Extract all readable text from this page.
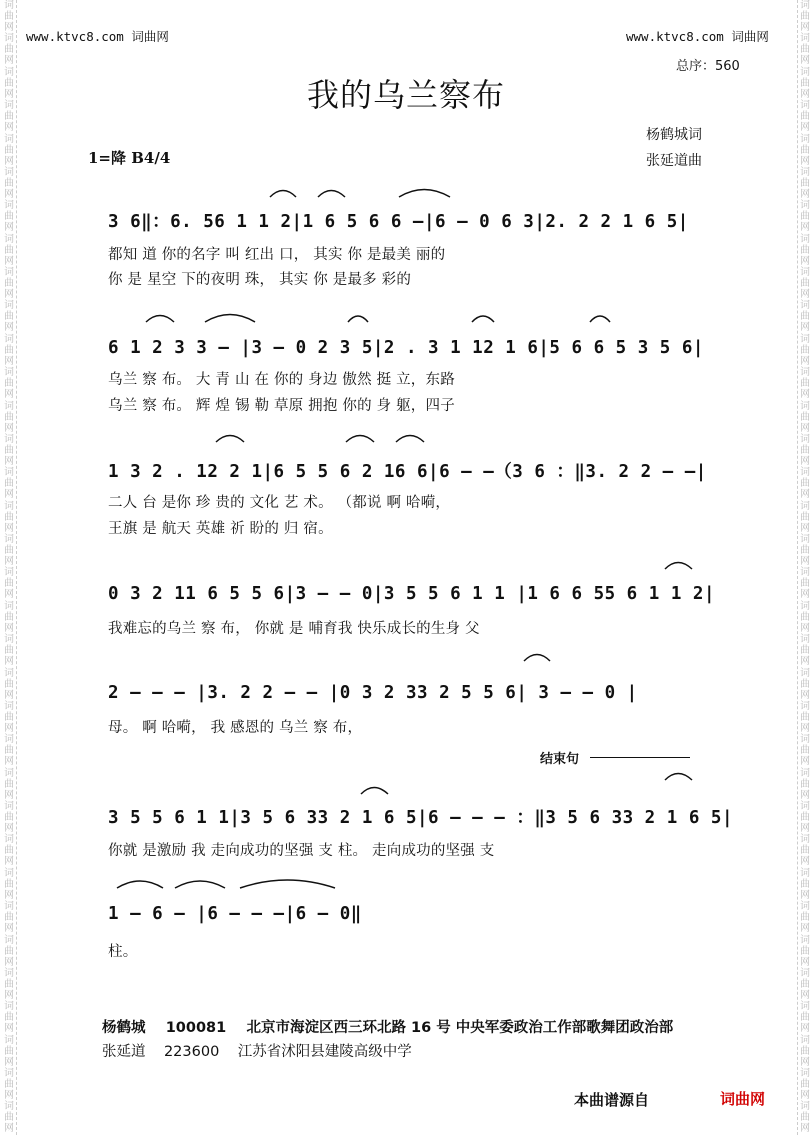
词
曲
网
词
曲
网
词
曲
网
词
曲
网
词
曲
网
词
曲
网
词
曲
网
词
曲
网
词
曲
网
词
曲
网
词
曲
网
词
曲
网
词
曲
网
词
曲
网
词
曲
网
词
曲
网
词
曲
网
词
曲
网
词
曲
网
词
曲
网
词
曲
网
词
曲
网
词
曲
网
词
曲
网
词
曲
网
词
曲
网
词
曲
网
词
曲
网
词
曲
网
词
曲
网
词
曲
网
词
曲
网
词
曲
网
词
曲
网
词
曲
网
词
曲
网
词
曲
网
词
曲
网
词
曲
网
词
曲
网
词
曲
网
词
曲
网
词
曲
网
词
曲
网
词
曲
网
词
曲
网
词
曲
网
词
曲
网
词
曲
网
词
曲
网
词
曲
网
词
曲
网
词
曲
网
词
曲
网
词
曲
网
词
曲
网
词
曲
网
词
曲
网
词
曲
网
词
曲
网
词
曲
网
词
曲
网
词
曲
网
词
曲
网
词
曲
网
词
曲
网
词
曲
网
词
曲
网
www.ktvc8.com 词曲网	www.ktvc8.com 词曲网
总序：560
我的乌兰察布
杨鹤城词
张延道曲
1=降 B4/4
3 6‖：6. 56 1 1 2|1 6 5 6 6 —|6 — 0 6 3|2. 2 2 1 6 5|
都知 道 你的名字 叫 红出 口， 其实 你 是最美 丽的
你 是 星空 下的夜明 珠， 其实 你 是最多 彩的
6 1 2 3 3 — |3 — 0 2 3 5|2 . 3 1 12 1 6|5 6 6 5 3 5 6|
乌兰 察 布。 大 青 山 在 你的 身边 傲然 挺 立，东路
乌兰 察 布。 辉 煌 锡 勒 草原 拥抱 你的 身 躯，四子
1 3 2 . 12 2 1|6 5 5 6 2 16 6|6 — —（3 6 ：‖3. 2 2 — —|
二人 台 是你 珍 贵的 文化 艺 术。 （都说 啊 哈嗬，
王旗 是 航天 英雄 祈 盼的 归 宿。
0 3 2 11 6 5 5 6|3 — — 0|3 5 5 6 1 1 |1 6 6 55 6 1 1 2|
我难忘的乌兰 察 布， 你就 是 哺育我 快乐成长的生身 父
2 — — — |3. 2 2 — — |0 3 2 33 2 5 5 6| 3 — — 0 |
母。 啊 哈嗬， 我 感恩的 乌兰 察 布，
结束句
3 5 5 6 1 1|3 5 6 33 2 1 6 5|6 — — — ：‖3 5 6 33 2 1 6 5|
你就 是激励 我 走向成功的坚强 支 柱。 走向成功的坚强 支
1 — 6 — |6 — — —|6 — 0‖
柱。
杨鹤城 100081 北京市海淀区西三环北路 16 号 中央军委政治工作部歌舞团政治部
张延道 223600 江苏省沭阳县建陵高级中学
本曲谱源自	词曲网
